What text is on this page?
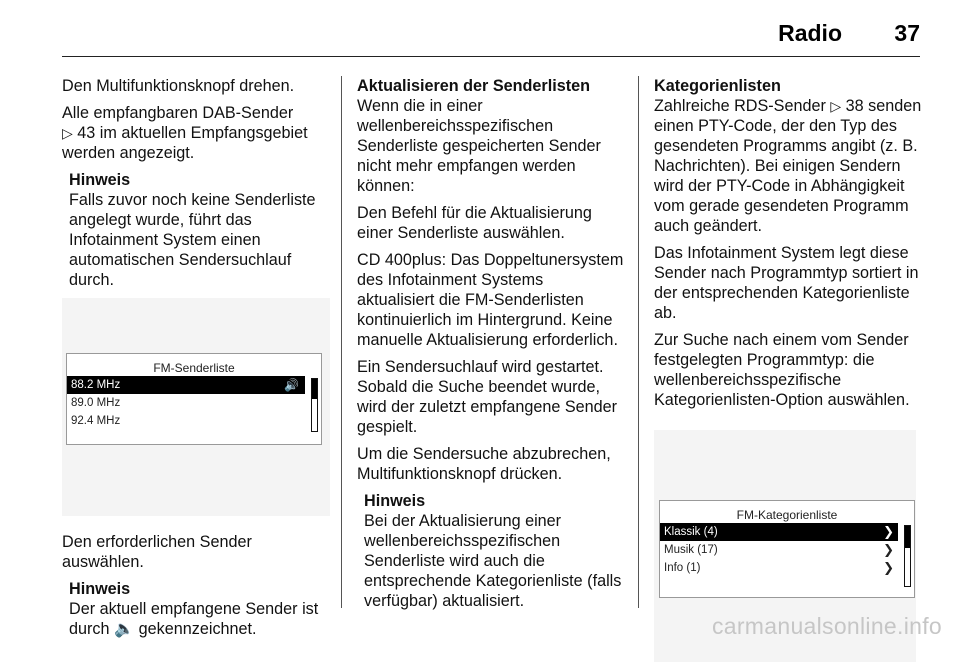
Radio 37

Den Multifunktionsknopf drehen.

Alle empfangbaren DAB-Sender
▷ 43 im aktuellen Empfangsgebiet werden angezeigt.

Hinweis
Falls zuvor noch keine Senderliste angelegt wurde, führt das Infotainment System einen automatischen Sendersuchlauf durch.
FM-Senderliste
88.2 MHz	🔊
89.0 MHz
92.4 MHz

Den erforderlichen Sender auswählen.

Hinweis
Der aktuell empfangene Sender ist durch 🔈 gekennzeichnet.

Aktualisieren der Senderlisten

Wenn die in einer wellenbereichsspezifischen Senderliste gespeicherten Sender nicht mehr empfangen werden können:

Den Befehl für die Aktualisierung einer Senderliste auswählen.

CD 400plus: Das Doppeltunersystem des Infotainment Systems aktualisiert die FM-Senderlisten kontinuierlich im Hintergrund. Keine manuelle Aktualisierung erforderlich.

Ein Sendersuchlauf wird gestartet. Sobald die Suche beendet wurde, wird der zuletzt empfangene Sender gespielt.

Um die Sendersuche abzubrechen, Multifunktionsknopf drücken.

Hinweis
Bei der Aktualisierung einer wellenbereichsspezifischen Senderliste wird auch die entsprechende Kategorienliste (falls verfügbar) aktualisiert.

Kategorienlisten

Zahlreiche RDS-Sender ▷ 38 senden einen PTY-Code, der den Typ des gesendeten Programms angibt (z. B. Nachrichten). Bei einigen Sendern wird der PTY-Code in Abhängigkeit vom gerade gesendeten Programm auch geändert.

Das Infotainment System legt diese Sender nach Programmtyp sortiert in der entsprechenden Kategorienliste ab.

Zur Suche nach einem vom Sender festgelegten Programmtyp: die wellenbereichsspezifische Kategorienlisten-Option auswählen.

FM-Kategorienliste
Klassik (4)	❯
Musik (17)	❯
Info (1)	❯
carmanualsonline.info
